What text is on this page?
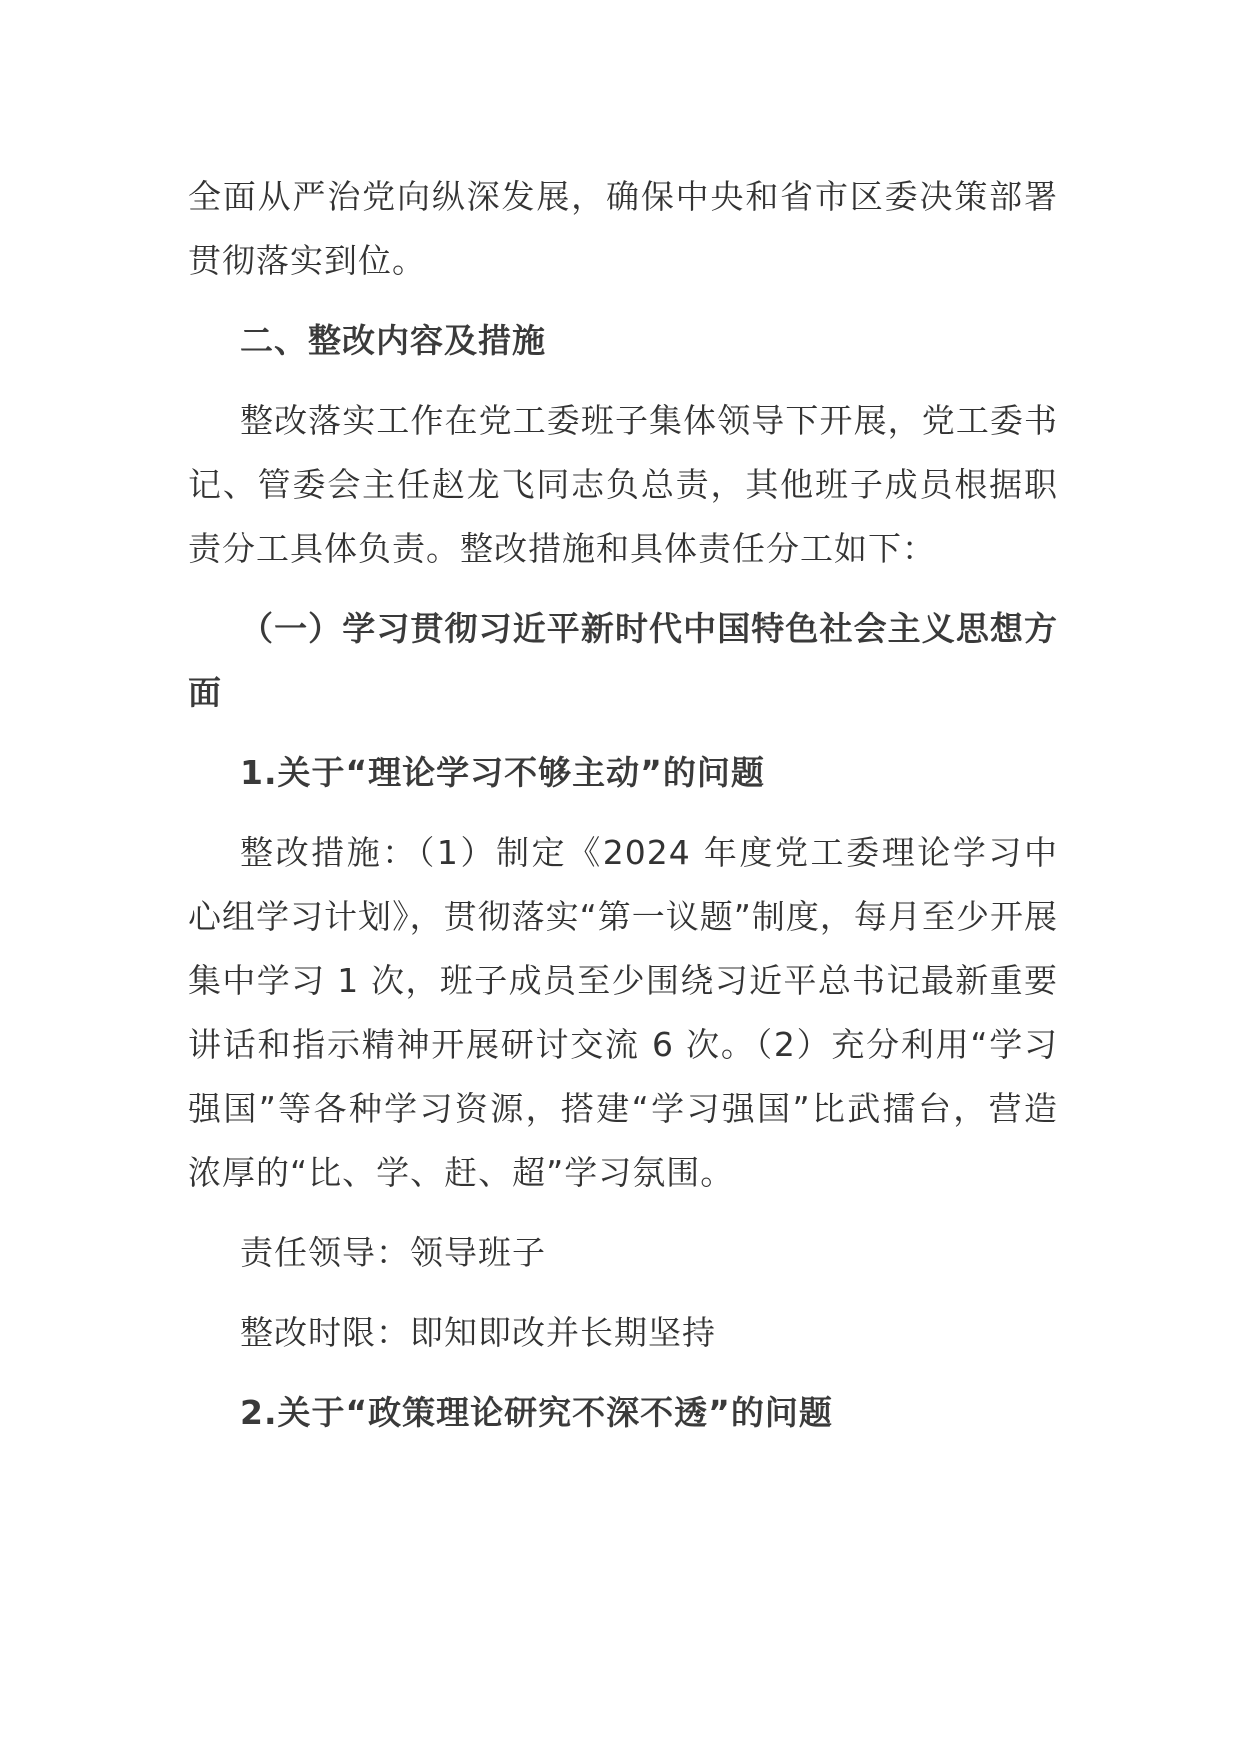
全面从严治党向纵深发展，确保中央和省市区委决策部署贯彻落实到位。

二、整改内容及措施

整改落实工作在党工委班子集体领导下开展，党工委书记、管委会主任赵龙飞同志负总责，其他班子成员根据职责分工具体负责。整改措施和具体责任分工如下：

（一）学习贯彻习近平新时代中国特色社会主义思想方面

1.关于“理论学习不够主动”的问题

整改措施：（1）制定《2024 年度党工委理论学习中心组学习计划》，贯彻落实“第一议题”制度，每月至少开展集中学习 1 次，班子成员至少围绕习近平总书记最新重要讲话和指示精神开展研讨交流 6 次。（2）充分利用“学习强国”等各种学习资源，搭建“学习强国”比武擂台，营造浓厚的“比、学、赶、超”学习氛围。

责任领导：领导班子

整改时限：即知即改并长期坚持

2.关于“政策理论研究不深不透”的问题
